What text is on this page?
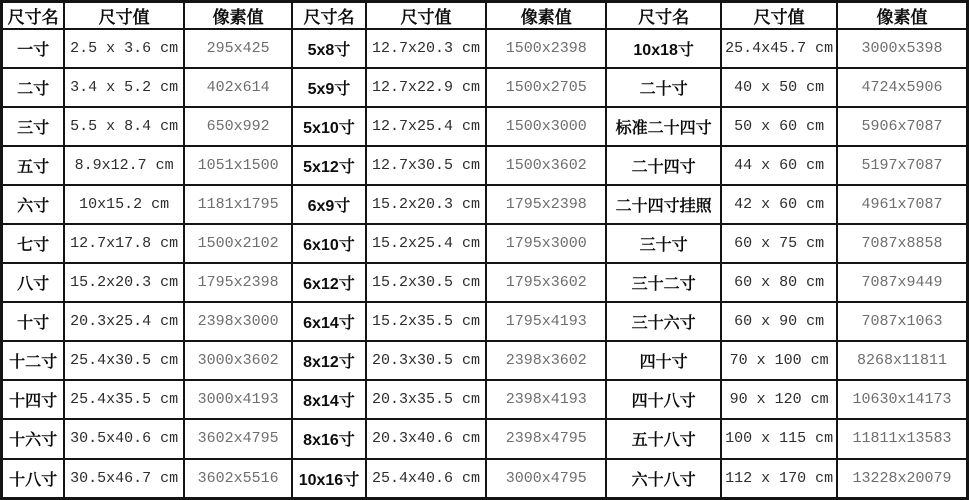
尺寸名	尺寸值	像素值	尺寸名	尺寸值	像素值	尺寸名	尺寸值	像素值
一寸	2.5 x 3.6 cm	295x425	5x8寸	12.7x20.3 cm	1500x2398	10x18寸	25.4x45.7 cm	3000x5398
二寸	3.4 x 5.2 cm	402x614	5x9寸	12.7x22.9 cm	1500x2705	二十寸	40 x 50 cm	4724x5906
三寸	5.5 x 8.4 cm	650x992	5x10寸	12.7x25.4 cm	1500x3000	标准二十四寸	50 x 60 cm	5906x7087
五寸	8.9x12.7 cm	1051x1500	5x12寸	12.7x30.5 cm	1500x3602	二十四寸	44 x 60 cm	5197x7087
六寸	10x15.2 cm	1181x1795	6x9寸	15.2x20.3 cm	1795x2398	二十四寸挂照	42 x 60 cm	4961x7087
七寸	12.7x17.8 cm	1500x2102	6x10寸	15.2x25.4 cm	1795x3000	三十寸	60 x 75 cm	7087x8858
八寸	15.2x20.3 cm	1795x2398	6x12寸	15.2x30.5 cm	1795x3602	三十二寸	60 x 80 cm	7087x9449
十寸	20.3x25.4 cm	2398x3000	6x14寸	15.2x35.5 cm	1795x4193	三十六寸	60 x 90 cm	7087x1063
十二寸	25.4x30.5 cm	3000x3602	8x12寸	20.3x30.5 cm	2398x3602	四十寸	70 x 100 cm	8268x11811
十四寸	25.4x35.5 cm	3000x4193	8x14寸	20.3x35.5 cm	2398x4193	四十八寸	90 x 120 cm	10630x14173
十六寸	30.5x40.6 cm	3602x4795	8x16寸	20.3x40.6 cm	2398x4795	五十八寸	100 x 115 cm	11811x13583
十八寸	30.5x46.7 cm	3602x5516	10x16寸	25.4x40.6 cm	3000x4795	六十八寸	112 x 170 cm	13228x20079
